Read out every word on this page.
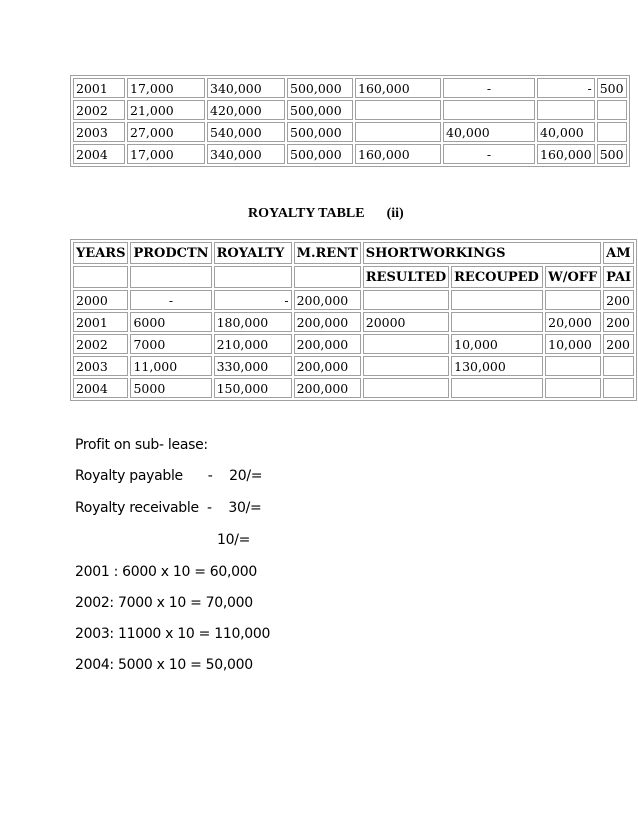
2001	17,000	340,000	500,000	160,000	-	-	500
2002	21,000	420,000	500,000				
2003	27,000	540,000	500,000		40,000	40,000	
2004	17,000	340,000	500,000	160,000	-	160,000	500
ROYALTY TABLE (ii)
YEARS	PRODCTN	ROYALTY	M.RENT	SHORTWORKINGS			AM
				RESULTED	RECOUPED	W/OFF	PAI
2000	-	-	200,000				200
2001	6000	180,000	200,000	20000		20,000	200
2002	7000	210,000	200,000		10,000	10,000	200
2003	11,000	330,000	200,000		130,000		
2004	5000	150,000	200,000				
Profit on sub- lease:
Royalty payable      -    20/=
Royalty receivable  -    30/=
10/=
2001 : 6000 x 10 = 60,000
2002: 7000 x 10 = 70,000
2003: 11000 x 10 = 110,000
2004: 5000 x 10 = 50,000
